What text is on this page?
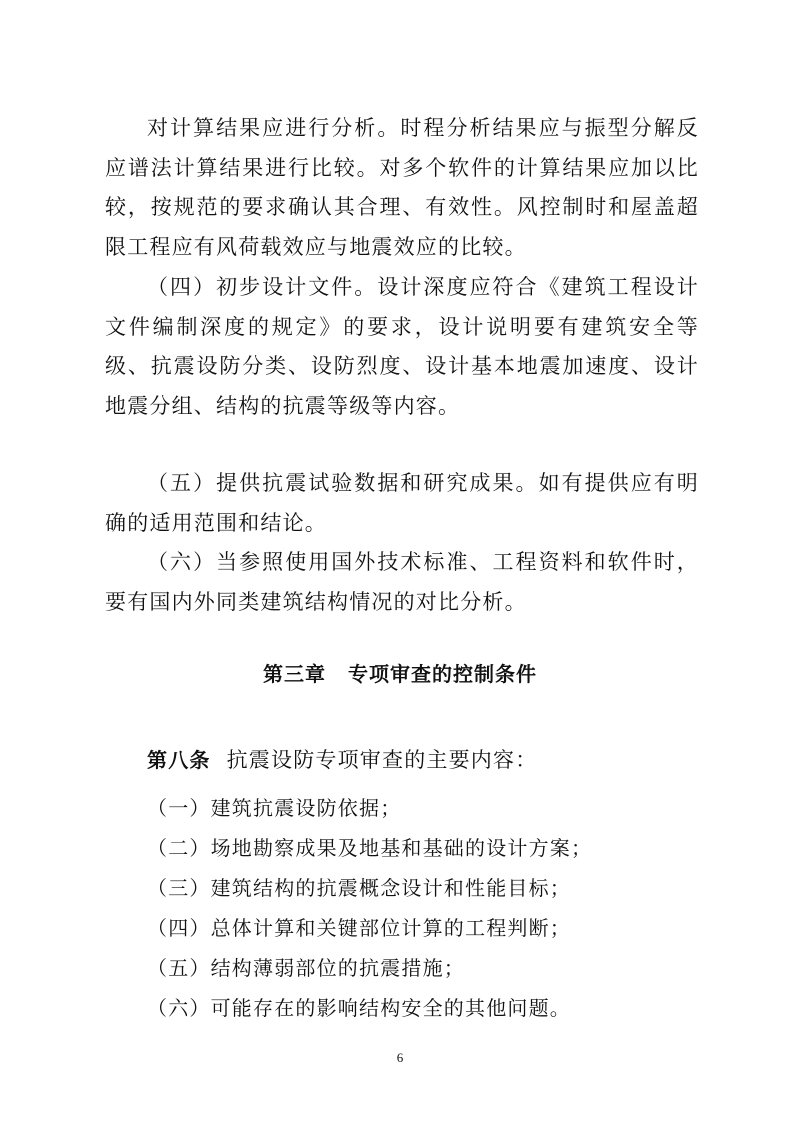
对计算结果应进行分析。时程分析结果应与振型分解反应谱法计算结果进行比较。对多个软件的计算结果应加以比较，按规范的要求确认其合理、有效性。风控制时和屋盖超限工程应有风荷载效应与地震效应的比较。

（四）初步设计文件。设计深度应符合《建筑工程设计文件编制深度的规定》的要求，设计说明要有建筑安全等级、抗震设防分类、设防烈度、设计基本地震加速度、设计地震分组、结构的抗震等级等内容。

（五）提供抗震试验数据和研究成果。如有提供应有明确的适用范围和结论。

（六）当参照使用国外技术标准、工程资料和软件时，要有国内外同类建筑结构情况的对比分析。

第三章 专项审查的控制条件

第八条 抗震设防专项审查的主要内容：

（一）建筑抗震设防依据；
（二）场地勘察成果及地基和基础的设计方案；
（三）建筑结构的抗震概念设计和性能目标；
（四）总体计算和关键部位计算的工程判断；
（五）结构薄弱部位的抗震措施；
（六）可能存在的影响结构安全的其他问题。

6
